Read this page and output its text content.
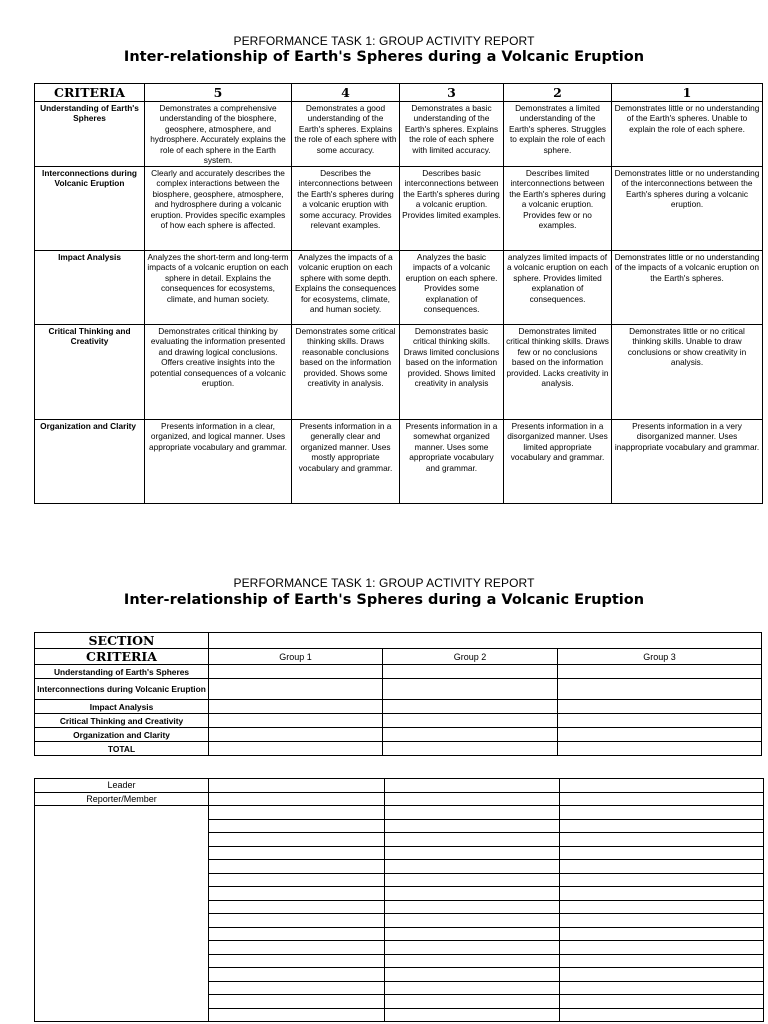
PERFORMANCE TASK 1: GROUP ACTIVITY REPORT
Inter-relationship of Earth's Spheres during a Volcanic Eruption
CRITERIA	5	4	3	2	1
Understanding of Earth's Spheres	Demonstrates a comprehensive understanding of the biosphere, geosphere, atmosphere, and hydrosphere. Accurately explains the role of each sphere in the Earth system.	Demonstrates a good understanding of the Earth's spheres. Explains the role of each sphere with some accuracy.	Demonstrates a basic understanding of the Earth's spheres. Explains the role of each sphere with limited accuracy.	Demonstrates a limited understanding of the Earth's spheres. Struggles to explain the role of each sphere.	Demonstrates little or no understanding of the Earth's spheres. Unable to explain the role of each sphere.
Interconnections during Volcanic Eruption	Clearly and accurately describes the complex interactions between the biosphere, geosphere, atmosphere, and hydrosphere during a volcanic eruption. Provides specific examples of how each sphere is affected.	Describes the interconnections between the Earth's spheres during a volcanic eruption with some accuracy. Provides relevant examples.	Describes basic interconnections between the Earth's spheres during a volcanic eruption. Provides limited examples.	Describes limited interconnections between the Earth's spheres during a volcanic eruption. Provides few or no examples.	Demonstrates little or no understanding of the interconnections between the Earth's spheres during a volcanic eruption.
Impact Analysis	Analyzes the short-term and long-term impacts of a volcanic eruption on each sphere in detail. Explains the consequences for ecosystems, climate, and human society.	Analyzes the impacts of a volcanic eruption on each sphere with some depth. Explains the consequences for ecosystems, climate, and human society.	Analyzes the basic impacts of a volcanic eruption on each sphere. Provides some explanation of consequences.	analyzes limited impacts of a volcanic eruption on each sphere. Provides limited explanation of consequences.	Demonstrates little or no understanding of the impacts of a volcanic eruption on the Earth's spheres.
Critical Thinking and Creativity	Demonstrates critical thinking by evaluating the information presented and drawing logical conclusions. Offers creative insights into the potential consequences of a volcanic eruption.	Demonstrates some critical thinking skills. Draws reasonable conclusions based on the information provided. Shows some creativity in analysis.	Demonstrates basic critical thinking skills. Draws limited conclusions based on the information provided. Shows limited creativity in analysis	Demonstrates limited critical thinking skills. Draws few or no conclusions based on the information provided. Lacks creativity in analysis.	Demonstrates little or no critical thinking skills. Unable to draw conclusions or show creativity in analysis.
Organization and Clarity	Presents information in a clear, organized, and logical manner. Uses appropriate vocabulary and grammar.	Presents information in a generally clear and organized manner. Uses mostly appropriate vocabulary and grammar.	Presents information in a somewhat organized manner. Uses some appropriate vocabulary and grammar.	Presents information in a disorganized manner. Uses limited appropriate vocabulary and grammar.	Presents information in a very disorganized manner. Uses inappropriate vocabulary and grammar.
PERFORMANCE TASK 1: GROUP ACTIVITY REPORT
Inter-relationship of Earth's Spheres during a Volcanic Eruption
SECTION			
CRITERIA	Group 1	Group 2	Group 3
Understanding of Earth's Spheres			
Interconnections during Volcanic Eruption			
Impact Analysis			
Critical Thinking and Creativity			
Organization and Clarity			
TOTAL			
Leader			
Reporter/Member			
